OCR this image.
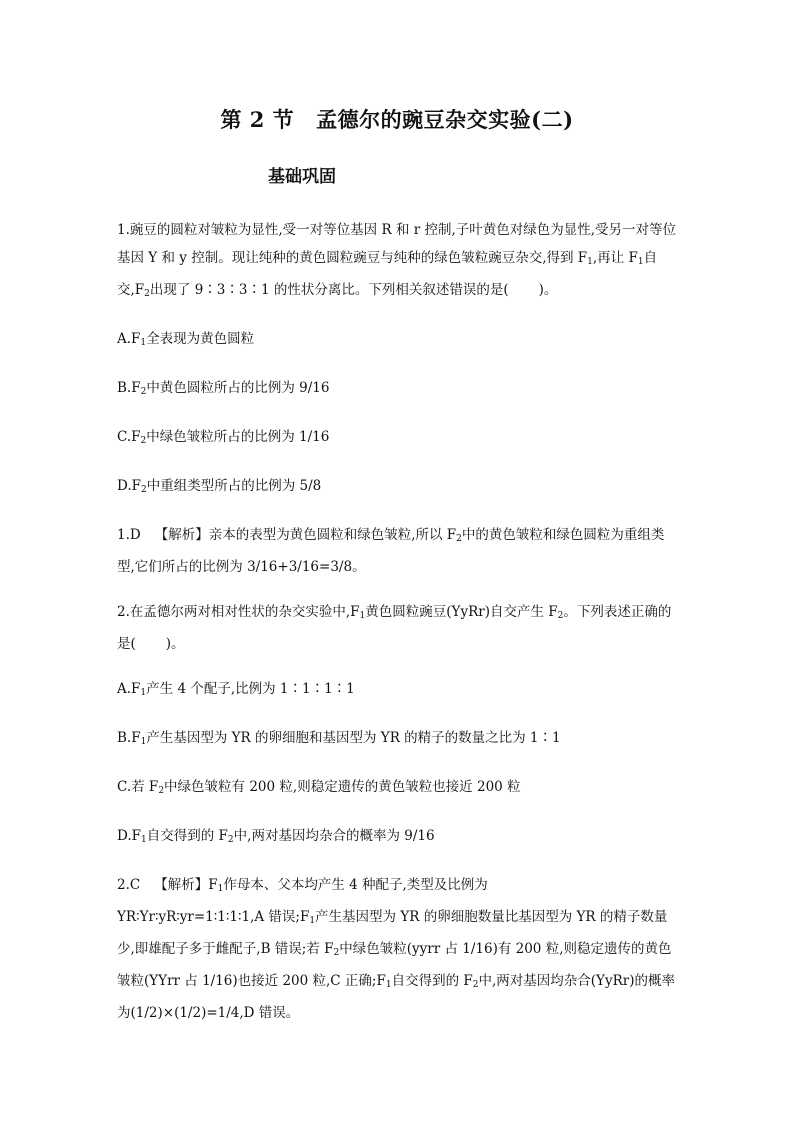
第 2 节 孟德尔的豌豆杂交实验(二)
基础巩固

1.豌豆的圆粒对皱粒为显性,受一对等位基因 R 和 r 控制,子叶黄色对绿色为显性,受另一对等位基因 Y 和 y 控制。现让纯种的黄色圆粒豌豆与纯种的绿色皱粒豌豆杂交,得到 $F_1$,再让 $F_1$自交$,F_2$出现了 9∶3∶3∶1 的性状分离比。下列相关叙述错误的是( )。

$A.F_1$全表现为黄色圆粒

$B.F_2$中黄色圆粒所占的比例为 9/16

$C.F_2$中绿色皱粒所占的比例为 1/16

$D.F_2$中重组类型所占的比例为 5/8

1.D 【解析】亲本的表型为黄色圆粒和绿色皱粒,所以 $F_2$中的黄色皱粒和绿色圆粒为重组类型,它们所占的比例为 3/16+3/16=3/8。

2.在孟德尔两对相对性状的杂交实验中$,F_1$黄色圆粒豌豆(YyRr)自交产生 $F_2$。下列表述正确的是( )。

$A.F_1$产生 4 个配子,比例为 1∶1∶1∶1

$B.F_1$产生基因型为 YR 的卵细胞和基因型为 YR 的精子的数量之比为 1∶1

C.若 $F_2$中绿色皱粒有 200 粒,则稳定遗传的黄色皱粒也接近 200 粒

$D.F_1$自交得到的 $F_2$中,两对基因均杂合的概率为 9/16

2.C 【解析】$F_1$作母本、父本均产生 4 种配子,类型及比例为
YR∶Yr∶yR∶yr=1∶1∶1∶1,A 错误$;F_1$产生基因型为 YR 的卵细胞数量比基因型为 YR 的精子数量少,即雄配子多于雌配子,B 错误;若 $F_2$中绿色皱粒(yyrr 占 1/16)有 200 粒,则稳定遗传的黄色皱粒(YYrr 占 1/16)也接近 200 粒,C 正确$;F_1$自交得到的 $F_2$中,两对基因均杂合(YyRr)的概率为(1/2)×(1/2)=1/4,D 错误。
